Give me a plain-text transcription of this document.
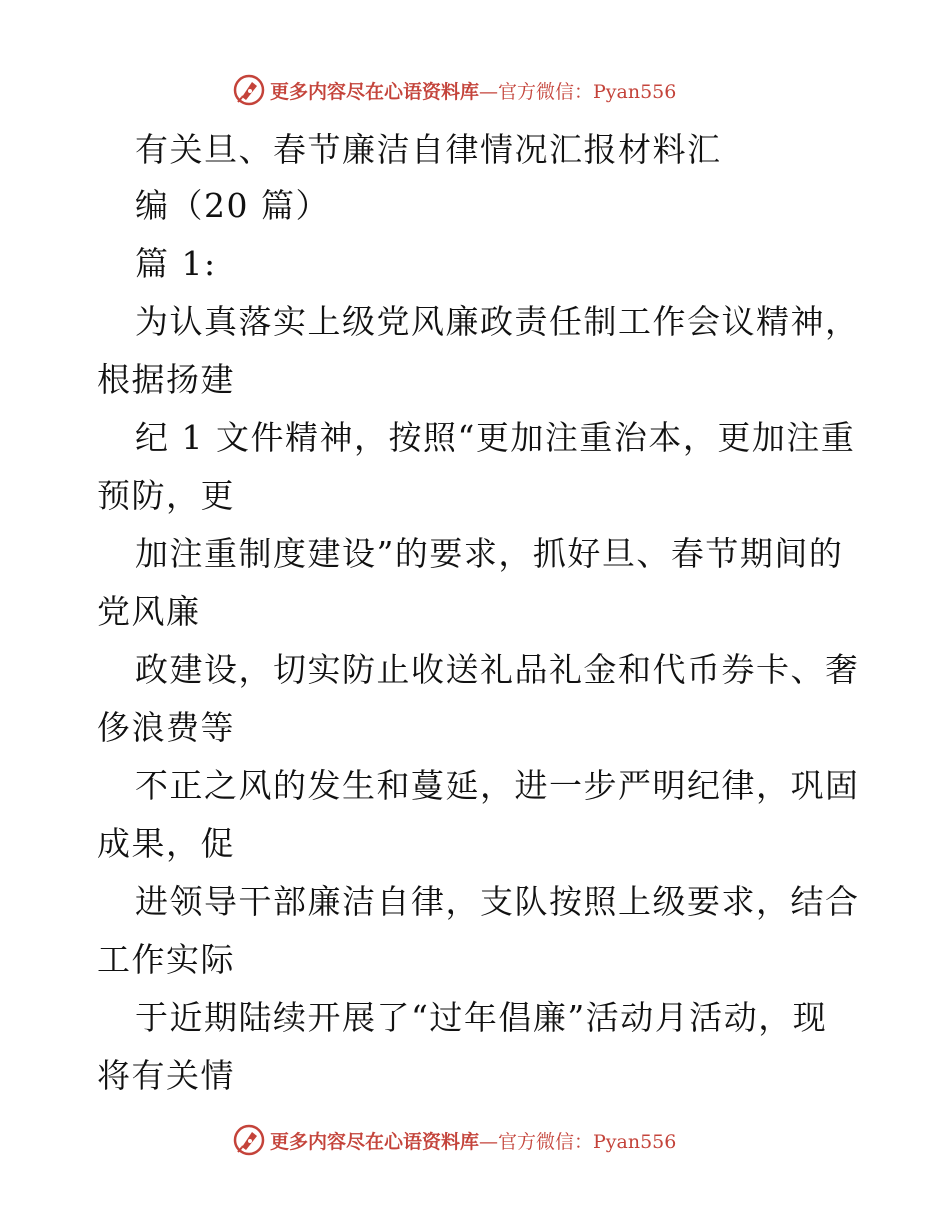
更多内容尽在心语资料库—官方微信：Pyan556
有关旦、春节廉洁自律情况汇报材料汇
编（20 篇）
篇 1:
为认真落实上级党风廉政责任制工作会议精神，
根据扬建
纪 1 文件精神，按照“更加注重治本，更加注重
预防，更
加注重制度建设”的要求，抓好旦、春节期间的
党风廉
政建设，切实防止收送礼品礼金和代币券卡、奢
侈浪费等
不正之风的发生和蔓延，进一步严明纪律，巩固
成果，促
进领导干部廉洁自律，支队按照上级要求，结合
工作实际
于近期陆续开展了“过年倡廉”活动月活动，现
将有关情
更多内容尽在心语资料库—官方微信：Pyan556
